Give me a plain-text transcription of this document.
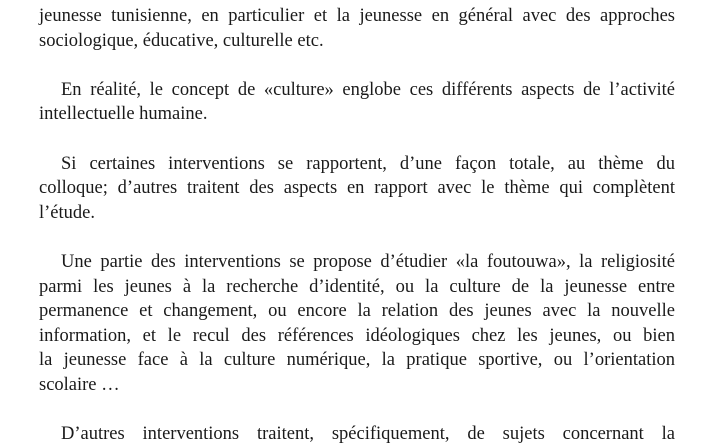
jeunesse tunisienne, en particulier et la jeunesse en général avec des approches
sociologique, éducative, culturelle etc.

En réalité, le concept de «culture» englobe ces différents aspects de l’activité
intellectuelle humaine.

Si certaines interventions se rapportent, d’une façon totale, au thème du
colloque; d’autres traitent des aspects en rapport avec le thème qui complètent
l’étude.

Une partie des interventions se propose d’étudier «la foutouwa», la religiosité
parmi les jeunes à la recherche d’identité, ou la culture de la jeunesse entre
permanence et changement, ou encore la relation des jeunes avec la nouvelle
information, et le recul des références idéologiques chez les jeunes, ou bien
la jeunesse face à la culture numérique, la pratique sportive, ou l’orientation
scolaire …

D’autres interventions traitent, spécifiquement, de sujets concernant la
